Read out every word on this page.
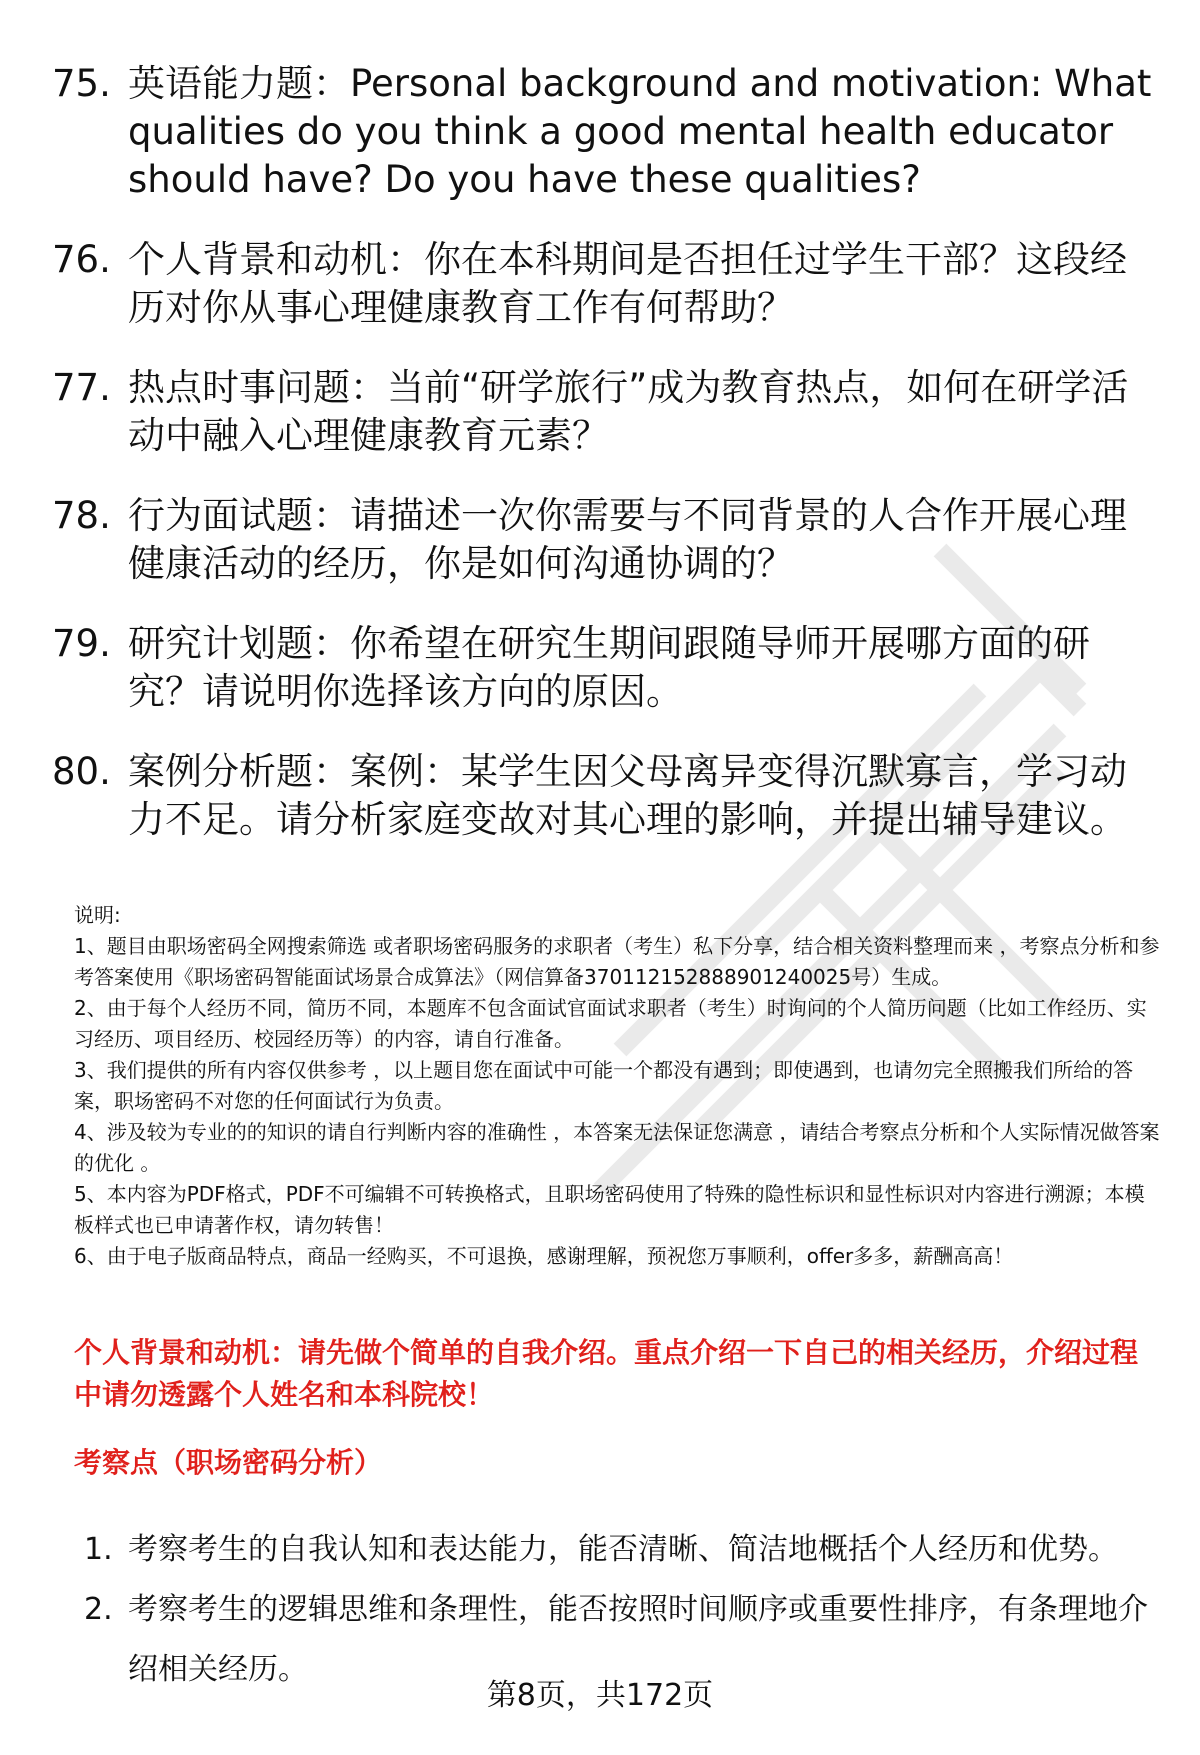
75. 英语能力题：Personal background and motivation: What qualities do you think a good mental health educator should have? Do you have these qualities?
76. 个人背景和动机：你在本科期间是否担任过学生干部？这段经历对你从事心理健康教育工作有何帮助？
77. 热点时事问题：当前“研学旅行”成为教育热点，如何在研学活动中融入心理健康教育元素？
78. 行为面试题：请描述一次你需要与不同背景的人合作开展心理健康活动的经历，你是如何沟通协调的？
79. 研究计划题：你希望在研究生期间跟随导师开展哪方面的研究？请说明你选择该方向的原因。
80. 案例分析题：案例：某学生因父母离异变得沉默寡言，学习动力不足。请分析家庭变故对其心理的影响，并提出辅导建议。

说明:

1、题目由职场密码全网搜索筛选 或者职场密码服务的求职者（考生）私下分享，结合相关资料整理而来 ，考察点分析和参考答案使用《职场密码智能面试场景合成算法》（网信算备370112152888901240025号）生成。

2、由于每个人经历不同，简历不同，本题库不包含面试官面试求职者（考生）时询问的个人简历问题（比如工作经历、实习经历、项目经历、校园经历等）的内容，请自行准备。

3、我们提供的所有内容仅供参考 ，以上题目您在面试中可能一个都没有遇到；即使遇到，也请勿完全照搬我们所给的答案，职场密码不对您的任何面试行为负责。

4、涉及较为专业的的知识的请自行判断内容的准确性 ，本答案无法保证您满意 ，请结合考察点分析和个人实际情况做答案的优化 。

5、本内容为PDF格式，PDF不可编辑不可转换格式，且职场密码使用了特殊的隐性标识和显性标识对内容进行溯源；本模板样式也已申请著作权，请勿转售！

6、由于电子版商品特点，商品一经购买，不可退换，感谢理解，预祝您万事顺利，offer多多，薪酬高高！

个人背景和动机：请先做个简单的自我介绍。重点介绍一下自己的相关经历，介绍过程中请勿透露个人姓名和本科院校！
考察点（职场密码分析）
1. 考察考生的自我认知和表达能力，能否清晰、简洁地概括个人经历和优势。
2. 考察考生的逻辑思维和条理性，能否按照时间顺序或重要性排序，有条理地介绍相关经历。
第8页，共172页
